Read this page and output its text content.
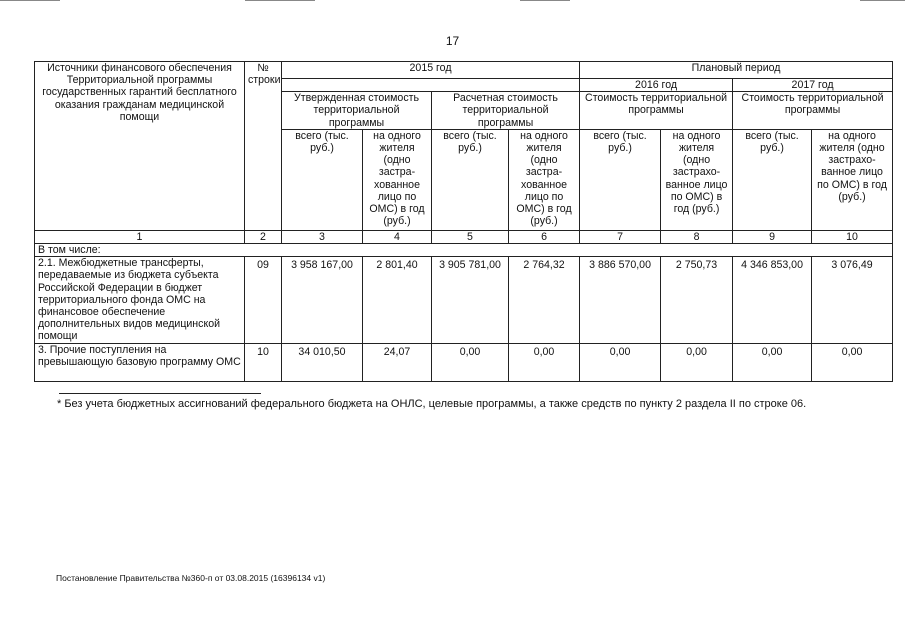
17
Источники финансового обеспечения Территориальной программы государственных гарантий бесплатного оказания гражданам медицинской помощи	№ строки	2015 год				Плановый период			
						2016 год		2017 год	
		Утвержденная стоимость территориальной программы		Расчетная стоимость территориальной программы		Стоимость территориальной программы		Стоимость территориальной программы	
		всего (тыс. руб.)	на одного жителя (одно застра-хованное лицо по ОМС) в год (руб.)	всего (тыс. руб.)	на одного жителя (одно застра-хованное лицо по ОМС) в год (руб.)	всего (тыс. руб.)	на одного жителя (одно застрахо-ванное лицо по ОМС) в год (руб.)	всего (тыс. руб.)	на одного жителя (одно застрахо-ванное лицо по ОМС) в год (руб.)
1	2	3	4	5	6	7	8	9	10
В том числе:									
2.1. Межбюджетные трансферты, передаваемые из бюджета субъекта Российской Федерации в бюджет территориального фонда ОМС на финансовое обеспечение дополнительных видов медицинской помощи	09	3 958 167,00	2 801,40	3 905 781,00	2 764,32	3 886 570,00	2 750,73	4 346 853,00	3 076,49
3. Прочие поступления на превышающую базовую программу ОМС	10	34 010,50	24,07	0,00	0,00	0,00	0,00	0,00	0,00
* Без учета бюджетных ассигнований федерального бюджета на ОНЛС, целевые программы, а также средств по пункту 2 раздела II по строке 06.
Постановление Правительства №360-п от 03.08.2015 (16396134 v1)
